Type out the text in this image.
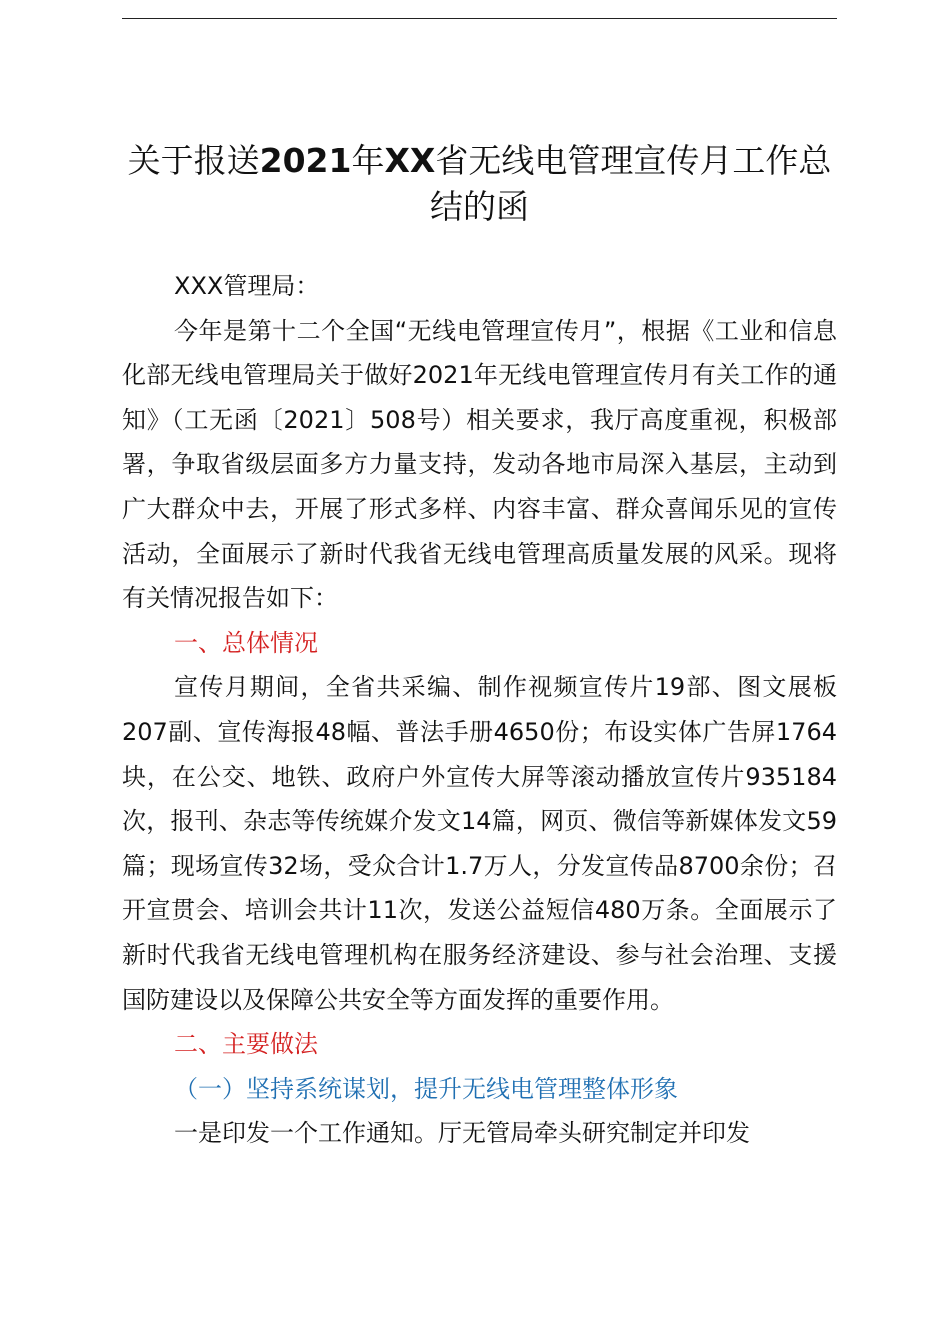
关于报送2021年XX省无线电管理宣传月工作总结的函

XXX管理局：

今年是第十二个全国“无线电管理宣传月”，根据《工业和信息化部无线电管理局关于做好2021年无线电管理宣传月有关工作的通知》（工无函〔2021〕508号）相关要求，我厅高度重视，积极部署，争取省级层面多方力量支持，发动各地市局深入基层，主动到广大群众中去，开展了形式多样、内容丰富、群众喜闻乐见的宣传活动，全面展示了新时代我省无线电管理高质量发展的风采。现将有关情况报告如下：

一、总体情况

宣传月期间，全省共采编、制作视频宣传片19部、图文展板207副、宣传海报48幅、普法手册4650份；布设实体广告屏1764块，在公交、地铁、政府户外宣传大屏等滚动播放宣传片935184次，报刊、杂志等传统媒介发文14篇，网页、微信等新媒体发文59篇；现场宣传32场，受众合计1.7万人，分发宣传品8700余份；召开宣贯会、培训会共计11次，发送公益短信480万条。全面展示了新时代我省无线电管理机构在服务经济建设、参与社会治理、支援国防建设以及保障公共安全等方面发挥的重要作用。

二、主要做法

（一）坚持系统谋划，提升无线电管理整体形象

一是印发一个工作通知。厅无管局牵头研究制定并印发
